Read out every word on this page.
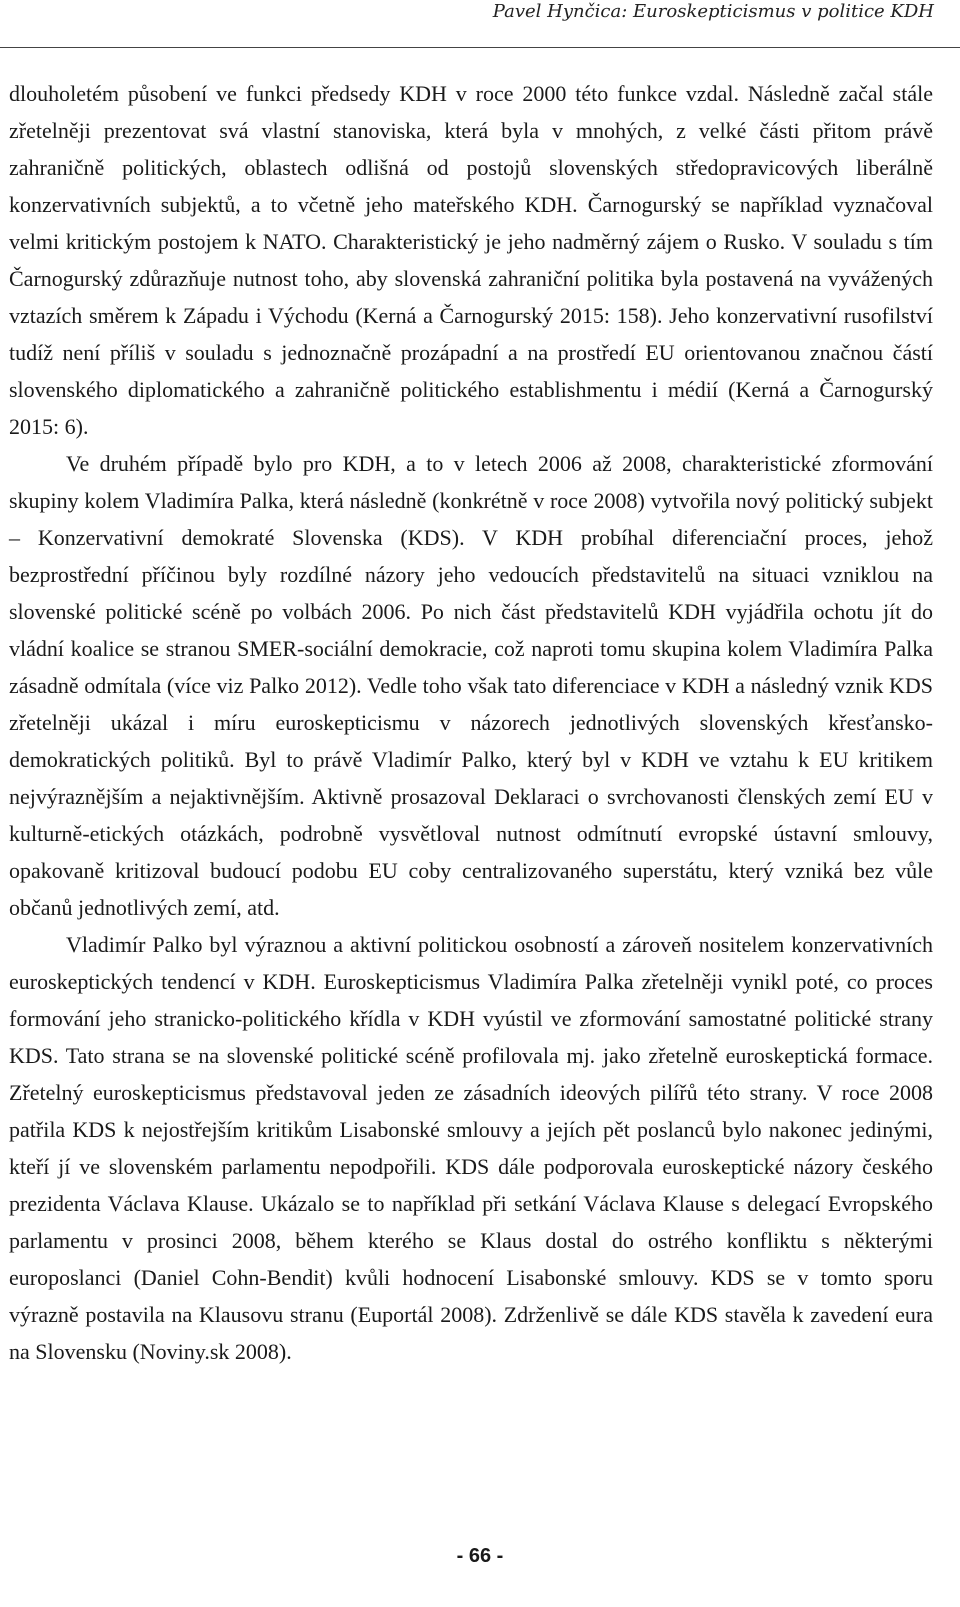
Pavel Hynčica: Euroskepticismus v politice KDH

dlouholetém působení ve funkci předsedy KDH v roce 2000 této funkce vzdal. Následně začal stále zřetelněji prezentovat svá vlastní stanoviska, která byla v mnohých, z velké části přitom právě zahraničně politických, oblastech odlišná od postojů slovenských středopravicových liberálně konzervativních subjektů, a to včetně jeho mateřského KDH. Čarnogurský se například vyznačoval velmi kritickým postojem k NATO. Charakteristický je jeho nadměrný zájem o Rusko. V souladu s tím Čarnogurský zdůrazňuje nutnost toho, aby slovenská zahraniční politika byla postavená na vyvážených vztazích směrem k Západu i Východu (Kerná a Čarnogurský 2015: 158). Jeho konzervativní rusofilství tudíž není příliš v souladu s jednoznačně prozápadní a na prostředí EU orientovanou značnou částí slovenského diplomatického a zahraničně politického establishmentu i médií (Kerná a Čarnogurský 2015: 6).

Ve druhém případě bylo pro KDH, a to v letech 2006 až 2008, charakteristické zformování skupiny kolem Vladimíra Palka, která následně (konkrétně v roce 2008) vytvořila nový politický subjekt – Konzervativní demokraté Slovenska (KDS). V KDH probíhal diferenciační proces, jehož bezprostřední příčinou byly rozdílné názory jeho vedoucích představitelů na situaci vzniklou na slovenské politické scéně po volbách 2006. Po nich část představitelů KDH vyjádřila ochotu jít do vládní koalice se stranou SMER-sociální demokracie, což naproti tomu skupina kolem Vladimíra Palka zásadně odmítala (více viz Palko 2012). Vedle toho však tato diferenciace v KDH a následný vznik KDS zřetelněji ukázal i míru euroskepticismu v názorech jednotlivých slovenských křesťansko-demokratických politiků. Byl to právě Vladimír Palko, který byl v KDH ve vztahu k EU kritikem nejvýraznějším a nejaktivnějším. Aktivně prosazoval Deklaraci o svrchovanosti členských zemí EU v kulturně-etických otázkách, podrobně vysvětloval nutnost odmítnutí evropské ústavní smlouvy, opakovaně kritizoval budoucí podobu EU coby centralizovaného superstátu, který vzniká bez vůle občanů jednotlivých zemí, atd.

Vladimír Palko byl výraznou a aktivní politickou osobností a zároveň nositelem konzervativních euroskeptických tendencí v KDH. Euroskepticismus Vladimíra Palka zřetelněji vynikl poté, co proces formování jeho stranicko-politického křídla v KDH vyústil ve zformování samostatné politické strany KDS. Tato strana se na slovenské politické scéně profilovala mj. jako zřetelně euroskeptická formace. Zřetelný euroskepticismus představoval jeden ze zásadních ideových pilířů této strany. V roce 2008 patřila KDS k nejostřejším kritikům Lisabonské smlouvy a jejích pět poslanců bylo nakonec jedinými, kteří jí ve slovenském parlamentu nepodpořili. KDS dále podporovala euroskeptické názory českého prezidenta Václava Klause. Ukázalo se to například při setkání Václava Klause s delegací Evropského parlamentu v prosinci 2008, během kterého se Klaus dostal do ostrého konfliktu s některými europoslanci (Daniel Cohn-Bendit) kvůli hodnocení Lisabonské smlouvy. KDS se v tomto sporu výrazně postavila na Klausovu stranu (Euportál 2008). Zdrženlivě se dále KDS stavěla k zavedení eura na Slovensku (Noviny.sk 2008).

- 66 -
